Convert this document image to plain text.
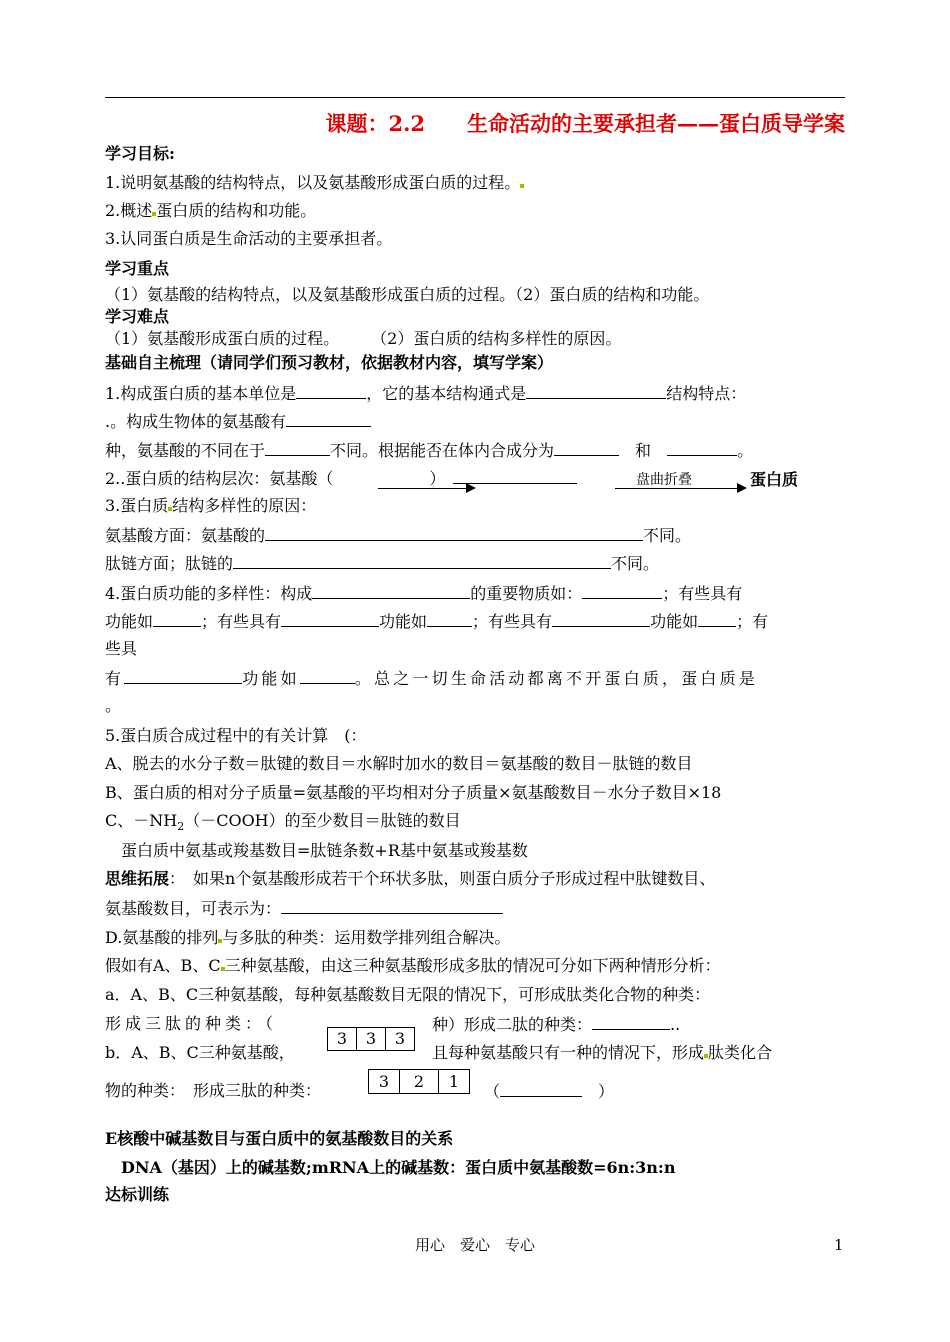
课题：2.2　　生命活动的主要承担者——蛋白质导学案
学习目标:
1.说明氨基酸的结构特点，以及氨基酸形成蛋白质的过程。
2.概述 蛋白质的结构和功能。
3.认同蛋白质是生命活动的主要承担者。
学习重点
（1）氨基酸的结构特点，以及氨基酸形成蛋白质的过程。（2）蛋白质的结构和功能。
学习难点
（1）氨基酸形成蛋白质的过程。　　　（2）蛋白质的结构多样性的原因。
基础自主梳理（请同学们预习教材，依据教材内容，填写学案）
1.构成蛋白质的基本单位是	，它的基本结构通式是	结构特点：
.。构成生物体的氨基酸有
种，氨基酸的不同在于	不同。根据能否在体内合成分为　	和　	。
2..蛋白质的结构层次：氨基酸（	）	盘曲折叠	蛋白质
3.蛋白质 结构多样性的原因：
氨基酸方面：氨基酸的	不同。
肽链方面；肽链的	不同。
4.蛋白质功能的多样性：构成	的重要物质如：	；有些具有
功能如	；有些具有	功能如	；有些具有	功能如 ；有
些具
有	功能如	。总之一切生命活动都离不开蛋白质，蛋白质是
。
5.蛋白质合成过程中的有关计算　(：
A、脱去的水分子数＝肽键的数目＝水解时加水的数目＝氨基酸的数目－肽链的数目
B、蛋白质的相对分子质量=氨基酸的平均相对分子质量×氨基酸数目－水分子数目×18
C、$-NH_2(-COOH)$的至少数目＝肽链的数目
　蛋白质中氨基或羧基数目=肽链条数+R基中氨基或羧基数
思维拓展：　如果n个氨基酸形成若干个环状多肽，则蛋白质分子形成过程中肽键数目、
氨基酸数目，可表示为：
D.氨基酸的排列 与多肽的种类：运用数学排列组合解决。
假如有A、B、C 三种氨基酸，由这三种氨基酸形成多肽的情况可分如下两种情形分析：
a．A、B、C三种氨基酸，每种氨基酸数目无限的情况下，可形成肽类化合物的种类：
形成三肽的种类：（
3	3	3
种）形成二肽的种类：	..
b．A、B、C三种氨基酸，	且每种氨基酸只有一种的情况下，形成 肽类化合
物的种类：　形成三肽的种类：	3	2	1
（　	）
E核酸中碱基数目与蛋白质中的氨基酸数目的关系
　DNA（基因）上的碱基数;mRNA上的碱基数：蛋白质中氨基酸数=6n:3n:n
达标训练
用心　爱心　专心	1
